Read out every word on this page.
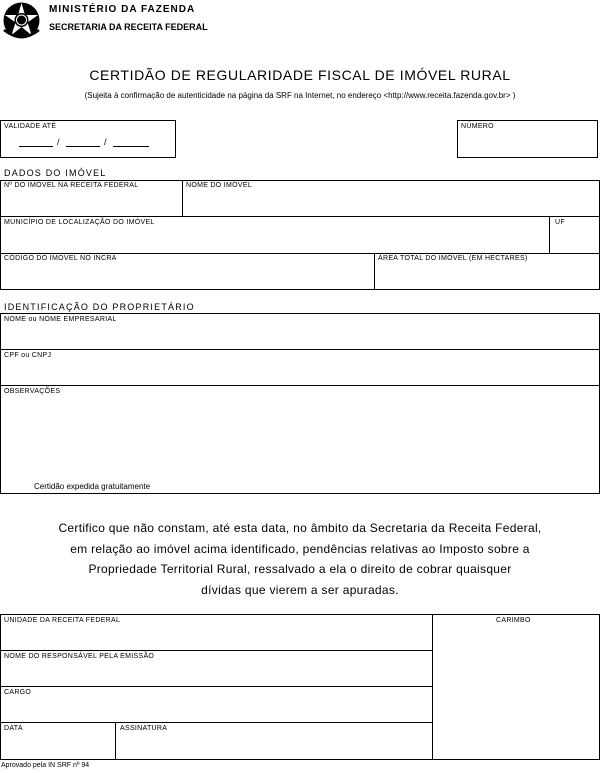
MINISTÉRIO DA FAZENDA
SECRETARIA DA RECEITA FEDERAL
CERTIDÃO DE REGULARIDADE FISCAL DE IMÓVEL RURAL
(Sujeita à confirmação de autenticidade na página da SRF na Internet, no endereço <http://www.receita.fazenda.gov.br> )
VALIDADE ATÉ
/	/
NÚMERO
DADOS DO IMÓVEL
Nº DO IMÓVEL NA RECEITA FEDERAL	NOME DO IMÓVEL
MUNICÍPIO DE LOCALIZAÇÃO DO IMÓVEL	UF
CÓDIGO DO IMÓVEL NO INCRA	ÁREA TOTAL DO IMÓVEL (EM HECTARES)
IDENTIFICAÇÃO DO PROPRIETÁRIO
NOME ou NOME EMPRESARIAL
CPF ou CNPJ
OBSERVAÇÕES
Certidão expedida gratuitamente
Certifico que não constam, até esta data, no âmbito da Secretaria da Receita Federal,
em relação ao imóvel acima identificado, pendências relativas ao Imposto sobre a
Propriedade Territorial Rural, ressalvado a ela o direito de cobrar quaisquer
dívidas que vierem a ser apuradas.
UNIDADE DA RECEITA FEDERAL
NOME DO RESPONSÁVEL PELA EMISSÃO
CARGO
DATA	ASSINATURA
CARIMBO
Aprovado pela IN SRF nº 94
